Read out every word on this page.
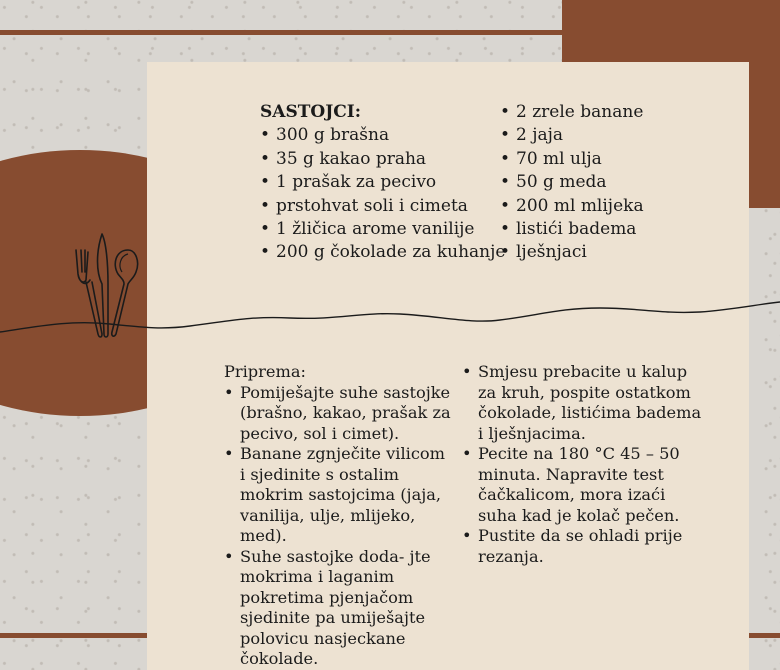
SASTOJCI:

• 300 g brašna
• 35 g kakao praha
• 1 prašak za pecivo
• prstohvat soli i cimeta
• 1 žličica arome vanilije
• 200 g čokolade za kuhanje
• 2 zrele banane
• 2 jaja
• 70 ml ulja
• 50 g meda
• 200 ml mlijeka
• listići badema
• lješnjaci

Priprema:

• Pomiješajte suhe sastojke (brašno, kakao, prašak za pecivo, sol i cimet).
• Banane zgnječite vilicom i sjedinite s ostalim mokrim sastojcima (jaja, vanilija, ulje, mlijeko, med).
• Suhe sastojke doda- jte mokrima i laganim pokretima pjenjačom sjedinite pa umiješajte polovicu nasjeckane čokolade.
• Smjesu prebacite u kalup za kruh, pospite ostatkom čokolade, listićima badema i lješnjacima.
• Pecite na 180 °C 45 – 50 minuta. Napravite test čačkalicom, mora izaći suha kad je kolač pečen.
• Pustite da se ohladi prije rezanja.
